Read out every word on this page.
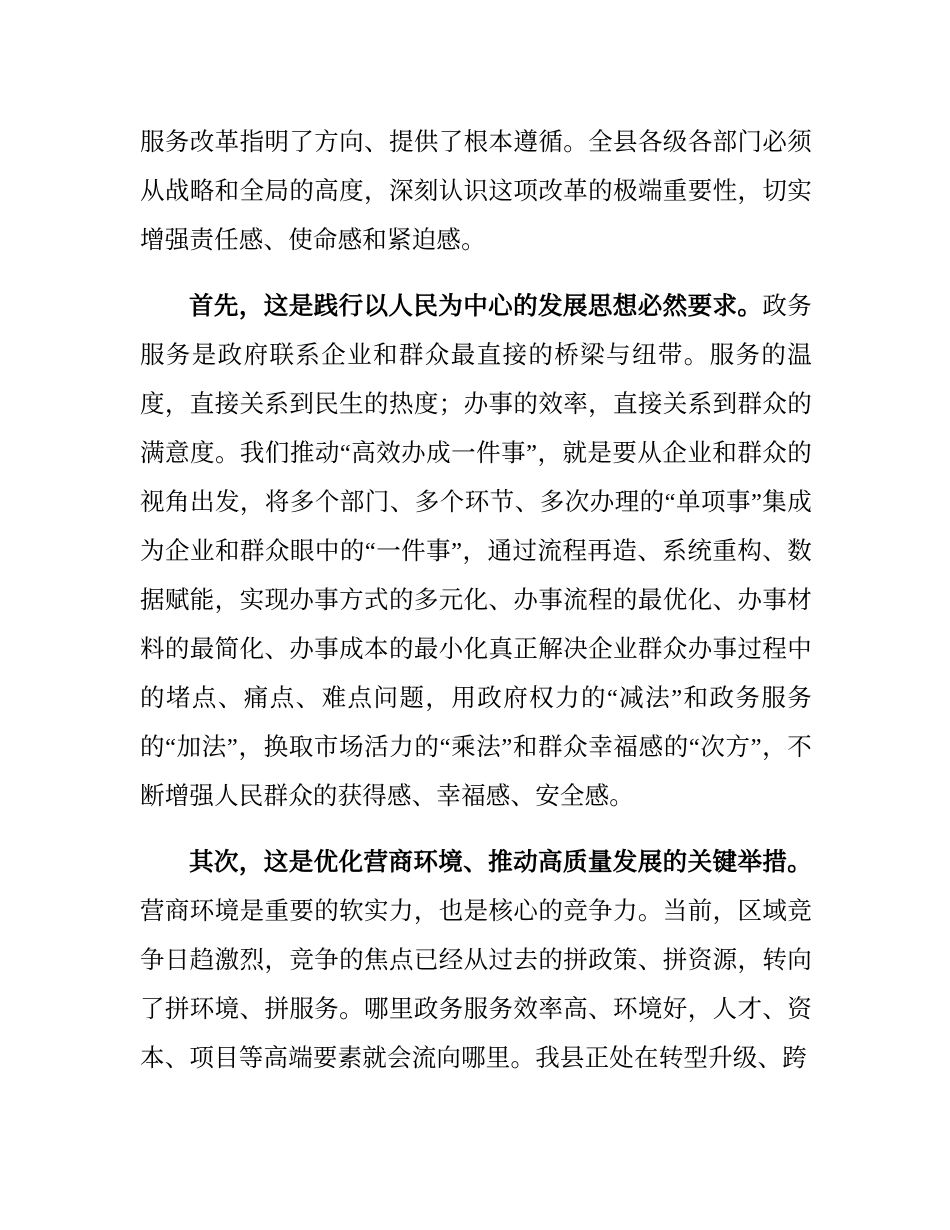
服务改革指明了方向、提供了根本遵循。全县各级各部门必须从战略和全局的高度，深刻认识这项改革的极端重要性，切实增强责任感、使命感和紧迫感。

首先，这是践行以人民为中心的发展思想必然要求。政务服务是政府联系企业和群众最直接的桥梁与纽带。服务的温度，直接关系到民生的热度；办事的效率，直接关系到群众的满意度。我们推动“高效办成一件事”，就是要从企业和群众的视角出发，将多个部门、多个环节、多次办理的“单项事”集成为企业和群众眼中的“一件事”，通过流程再造、系统重构、数据赋能，实现办事方式的多元化、办事流程的最优化、办事材料的最简化、办事成本的最小化真正解决企业群众办事过程中的堵点、痛点、难点问题，用政府权力的“减法”和政务服务的“加法”，换取市场活力的“乘法”和群众幸福感的“次方”，不断增强人民群众的获得感、幸福感、安全感。

其次，这是优化营商环境、推动高质量发展的关键举措。营商环境是重要的软实力，也是核心的竞争力。当前，区域竞争日趋激烈，竞争的焦点已经从过去的拼政策、拼资源，转向了拼环境、拼服务。哪里政务服务效率高、环境好，人才、资本、项目等高端要素就会流向哪里。我县正处在转型升级、跨
